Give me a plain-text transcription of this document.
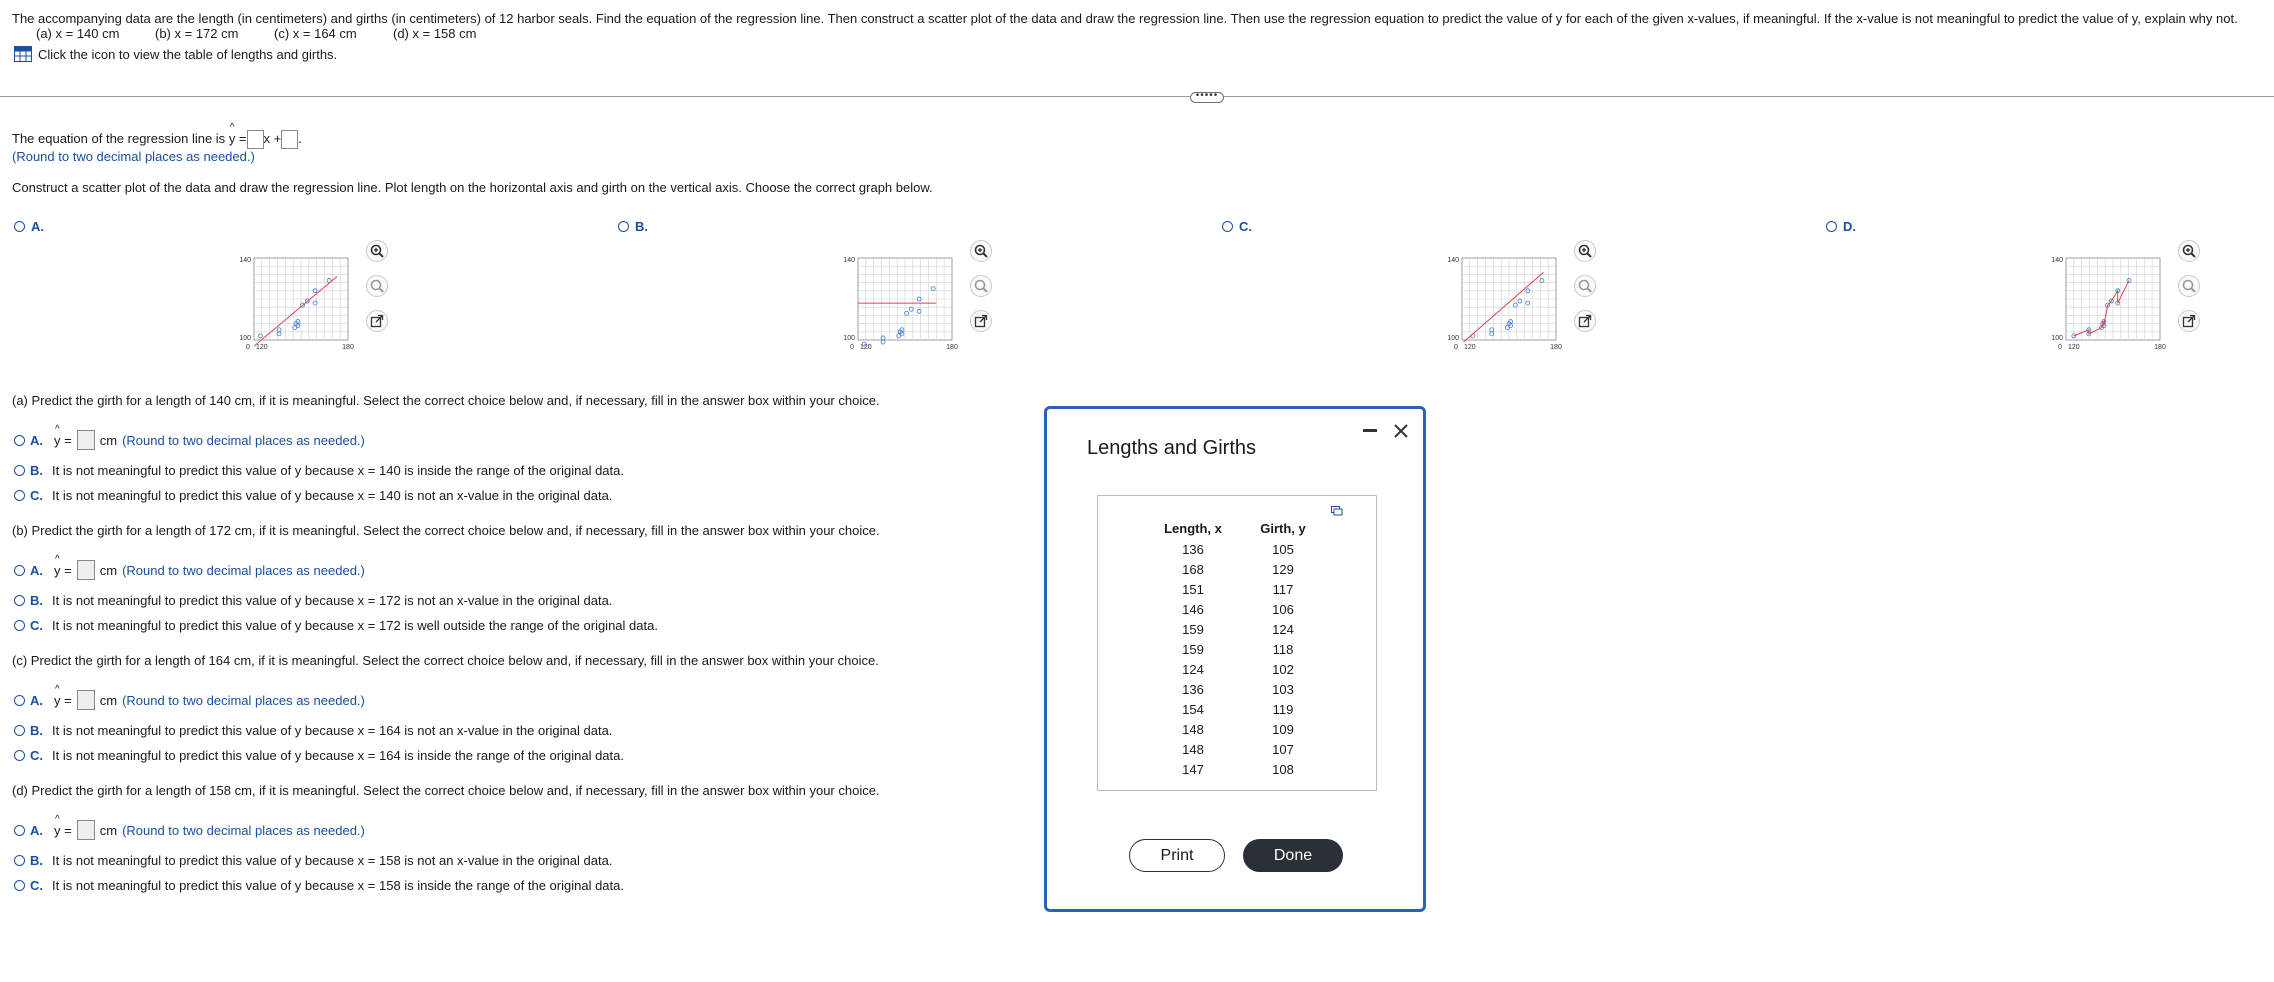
The accompanying data are the length (in centimeters) and girths (in centimeters) of 12 harbor seals. Find the equation of the regression line. Then construct a scatter plot of the data and draw the regression line. Then use the regression equation to predict the value of y for each of the given x-values, if meaningful. If the x-value is not meaningful to predict the value of y, explain why not.
(a) x = 140 cm	(b) x = 172 cm	(c) x = 164 cm	(d) x = 158 cm
Click the icon to view the table of lengths and girths.
•••••
The equation of the regression line is ^ y = x + .
(Round to two decimal places as needed.)
Construct a scatter plot of the data and draw the regression line. Plot length on the horizontal axis and girth on the vertical axis. Choose the correct graph below.
A.	B.	C.	D.
140
100
120	180
0
140
100
120	180
0
140
100
120	180
0
140
100
120	180
0
(a) Predict the girth for a length of 140 cm, if it is meaningful. Select the correct choice below and, if necessary, fill in the answer box within your choice.
A. ^ y = cm (Round to two decimal places as needed.)
B. It is not meaningful to predict this value of y because x = 140 is inside the range of the original data.
C. It is not meaningful to predict this value of y because x = 140 is not an x-value in the original data.
(b) Predict the girth for a length of 172 cm, if it is meaningful. Select the correct choice below and, if necessary, fill in the answer box within your choice.
A. ^ y = cm (Round to two decimal places as needed.)
B. It is not meaningful to predict this value of y because x = 172 is not an x-value in the original data.
C. It is not meaningful to predict this value of y because x = 172 is well outside the range of the original data.
(c) Predict the girth for a length of 164 cm, if it is meaningful. Select the correct choice below and, if necessary, fill in the answer box within your choice.
A. ^ y = cm (Round to two decimal places as needed.)
B. It is not meaningful to predict this value of y because x = 164 is not an x-value in the original data.
C. It is not meaningful to predict this value of y because x = 164 is inside the range of the original data.
(d) Predict the girth for a length of 158 cm, if it is meaningful. Select the correct choice below and, if necessary, fill in the answer box within your choice.
A. ^ y = cm (Round to two decimal places as needed.)
B. It is not meaningful to predict this value of y because x = 158 is not an x-value in the original data.
C. It is not meaningful to predict this value of y because x = 158 is inside the range of the original data.
Lengths and Girths
Length, x	Girth, y
136	105
168	129
151	117
146	106
159	124
159	118
124	102
136	103
154	119
148	109
148	107
147	108
Print	Done
